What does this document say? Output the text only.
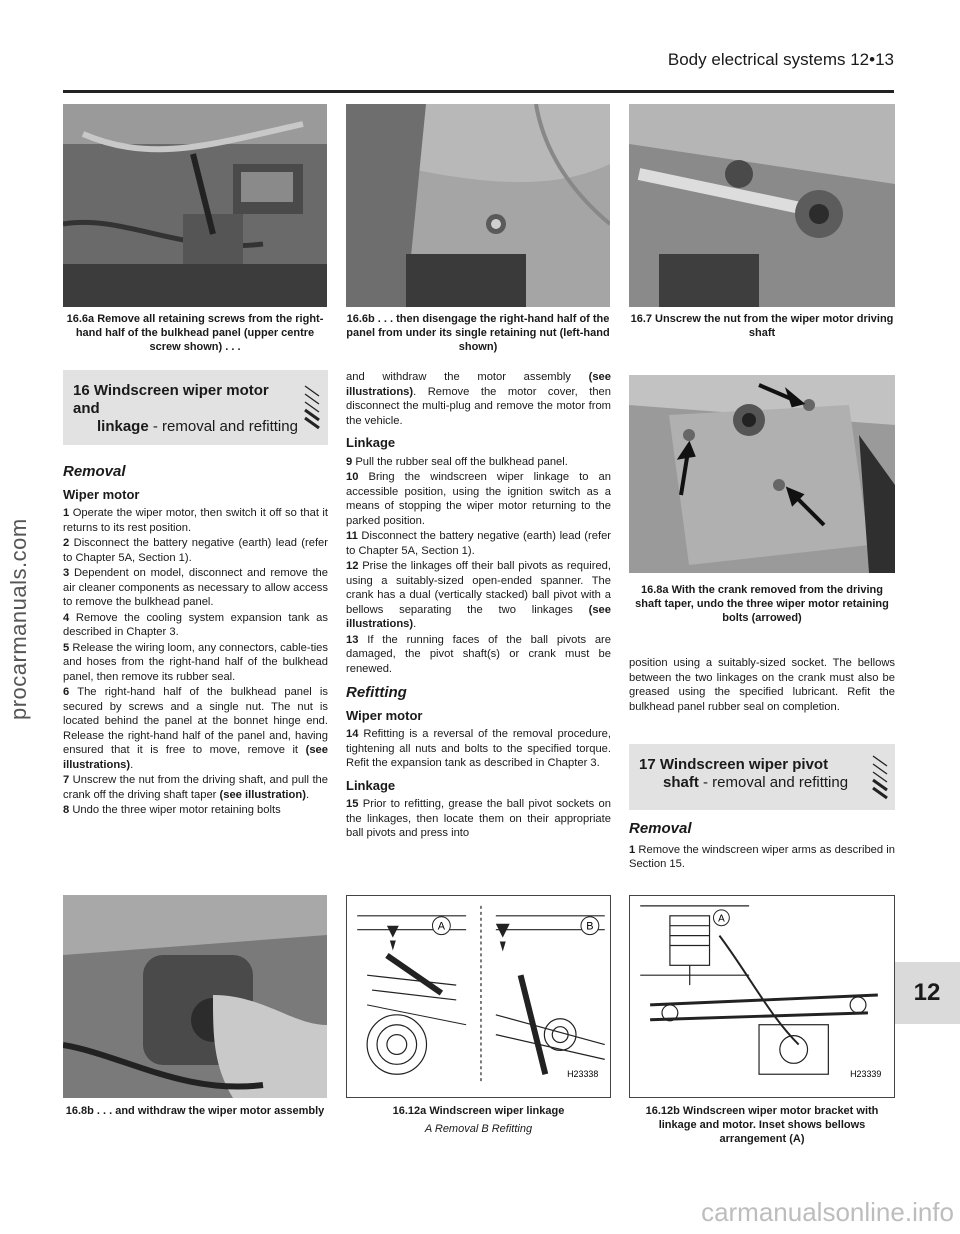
Body electrical systems 12•13
procarmanuals.com
16.6a Remove all retaining screws from the right-hand half of the bulkhead panel (upper centre screw shown) . . .
16.6b . . . then disengage the right-hand half of the panel from under its single retaining nut (left-hand shown)
16.7 Unscrew the nut from the wiper motor driving shaft
16 Windscreen wiper motor and
linkage - removal and refitting
Removal
Wiper motor

1 Operate the wiper motor, then switch it off so that it returns to its rest position.

2 Disconnect the battery negative (earth) lead (refer to Chapter 5A, Section 1).

3 Dependent on model, disconnect and remove the air cleaner components as necessary to allow access to remove the bulkhead panel.

4 Remove the cooling system expansion tank as described in Chapter 3.

5 Release the wiring loom, any connectors, cable-ties and hoses from the right-hand half of the bulkhead panel, then remove its rubber seal.

6 The right-hand half of the bulkhead panel is secured by screws and a single nut. The nut is located behind the panel at the bonnet hinge end. Release the right-hand half of the panel and, having ensured that it is free to move, remove it (see illustrations).

7 Unscrew the nut from the driving shaft, and pull the crank off the driving shaft taper (see illustration).

8 Undo the three wiper motor retaining bolts

and withdraw the motor assembly (see illustrations). Remove the motor cover, then disconnect the multi-plug and remove the motor from the vehicle.

Linkage

9 Pull the rubber seal off the bulkhead panel.

10 Bring the windscreen wiper linkage to an accessible position, using the ignition switch as a means of stopping the wiper motor returning to the parked position.

11 Disconnect the battery negative (earth) lead (refer to Chapter 5A, Section 1).

12 Prise the linkages off their ball pivots as required, using a suitably-sized open-ended spanner. The crank has a dual (vertically stacked) ball pivot with a bellows separating the two linkages (see illustrations).

13 If the running faces of the ball pivots are damaged, the pivot shaft(s) or crank must be renewed.

Refitting
Wiper motor

14 Refitting is a reversal of the removal procedure, tightening all nuts and bolts to the specified torque. Refit the expansion tank as described in Chapter 3.

Linkage

15 Prior to refitting, grease the ball pivot sockets on the linkages, then locate them on their appropriate ball pivots and press into

16.8a With the crank removed from the driving shaft taper, undo the three wiper motor retaining bolts (arrowed)

position using a suitably-sized socket. The bellows between the two linkages on the crank must also be greased using the specified lubricant. Refit the bulkhead panel rubber seal on completion.

17 Windscreen wiper pivot
shaft - removal and refitting
Removal

1 Remove the windscreen wiper arms as described in Section 15.

12
A	B
H23338
A
H23339
16.8b . . . and withdraw the wiper motor assembly	16.12a Windscreen wiper linkage
A Removal B Refitting
16.12b Windscreen wiper motor bracket with linkage and motor. Inset shows bellows arrangement (A)
carmanualsonline.info
